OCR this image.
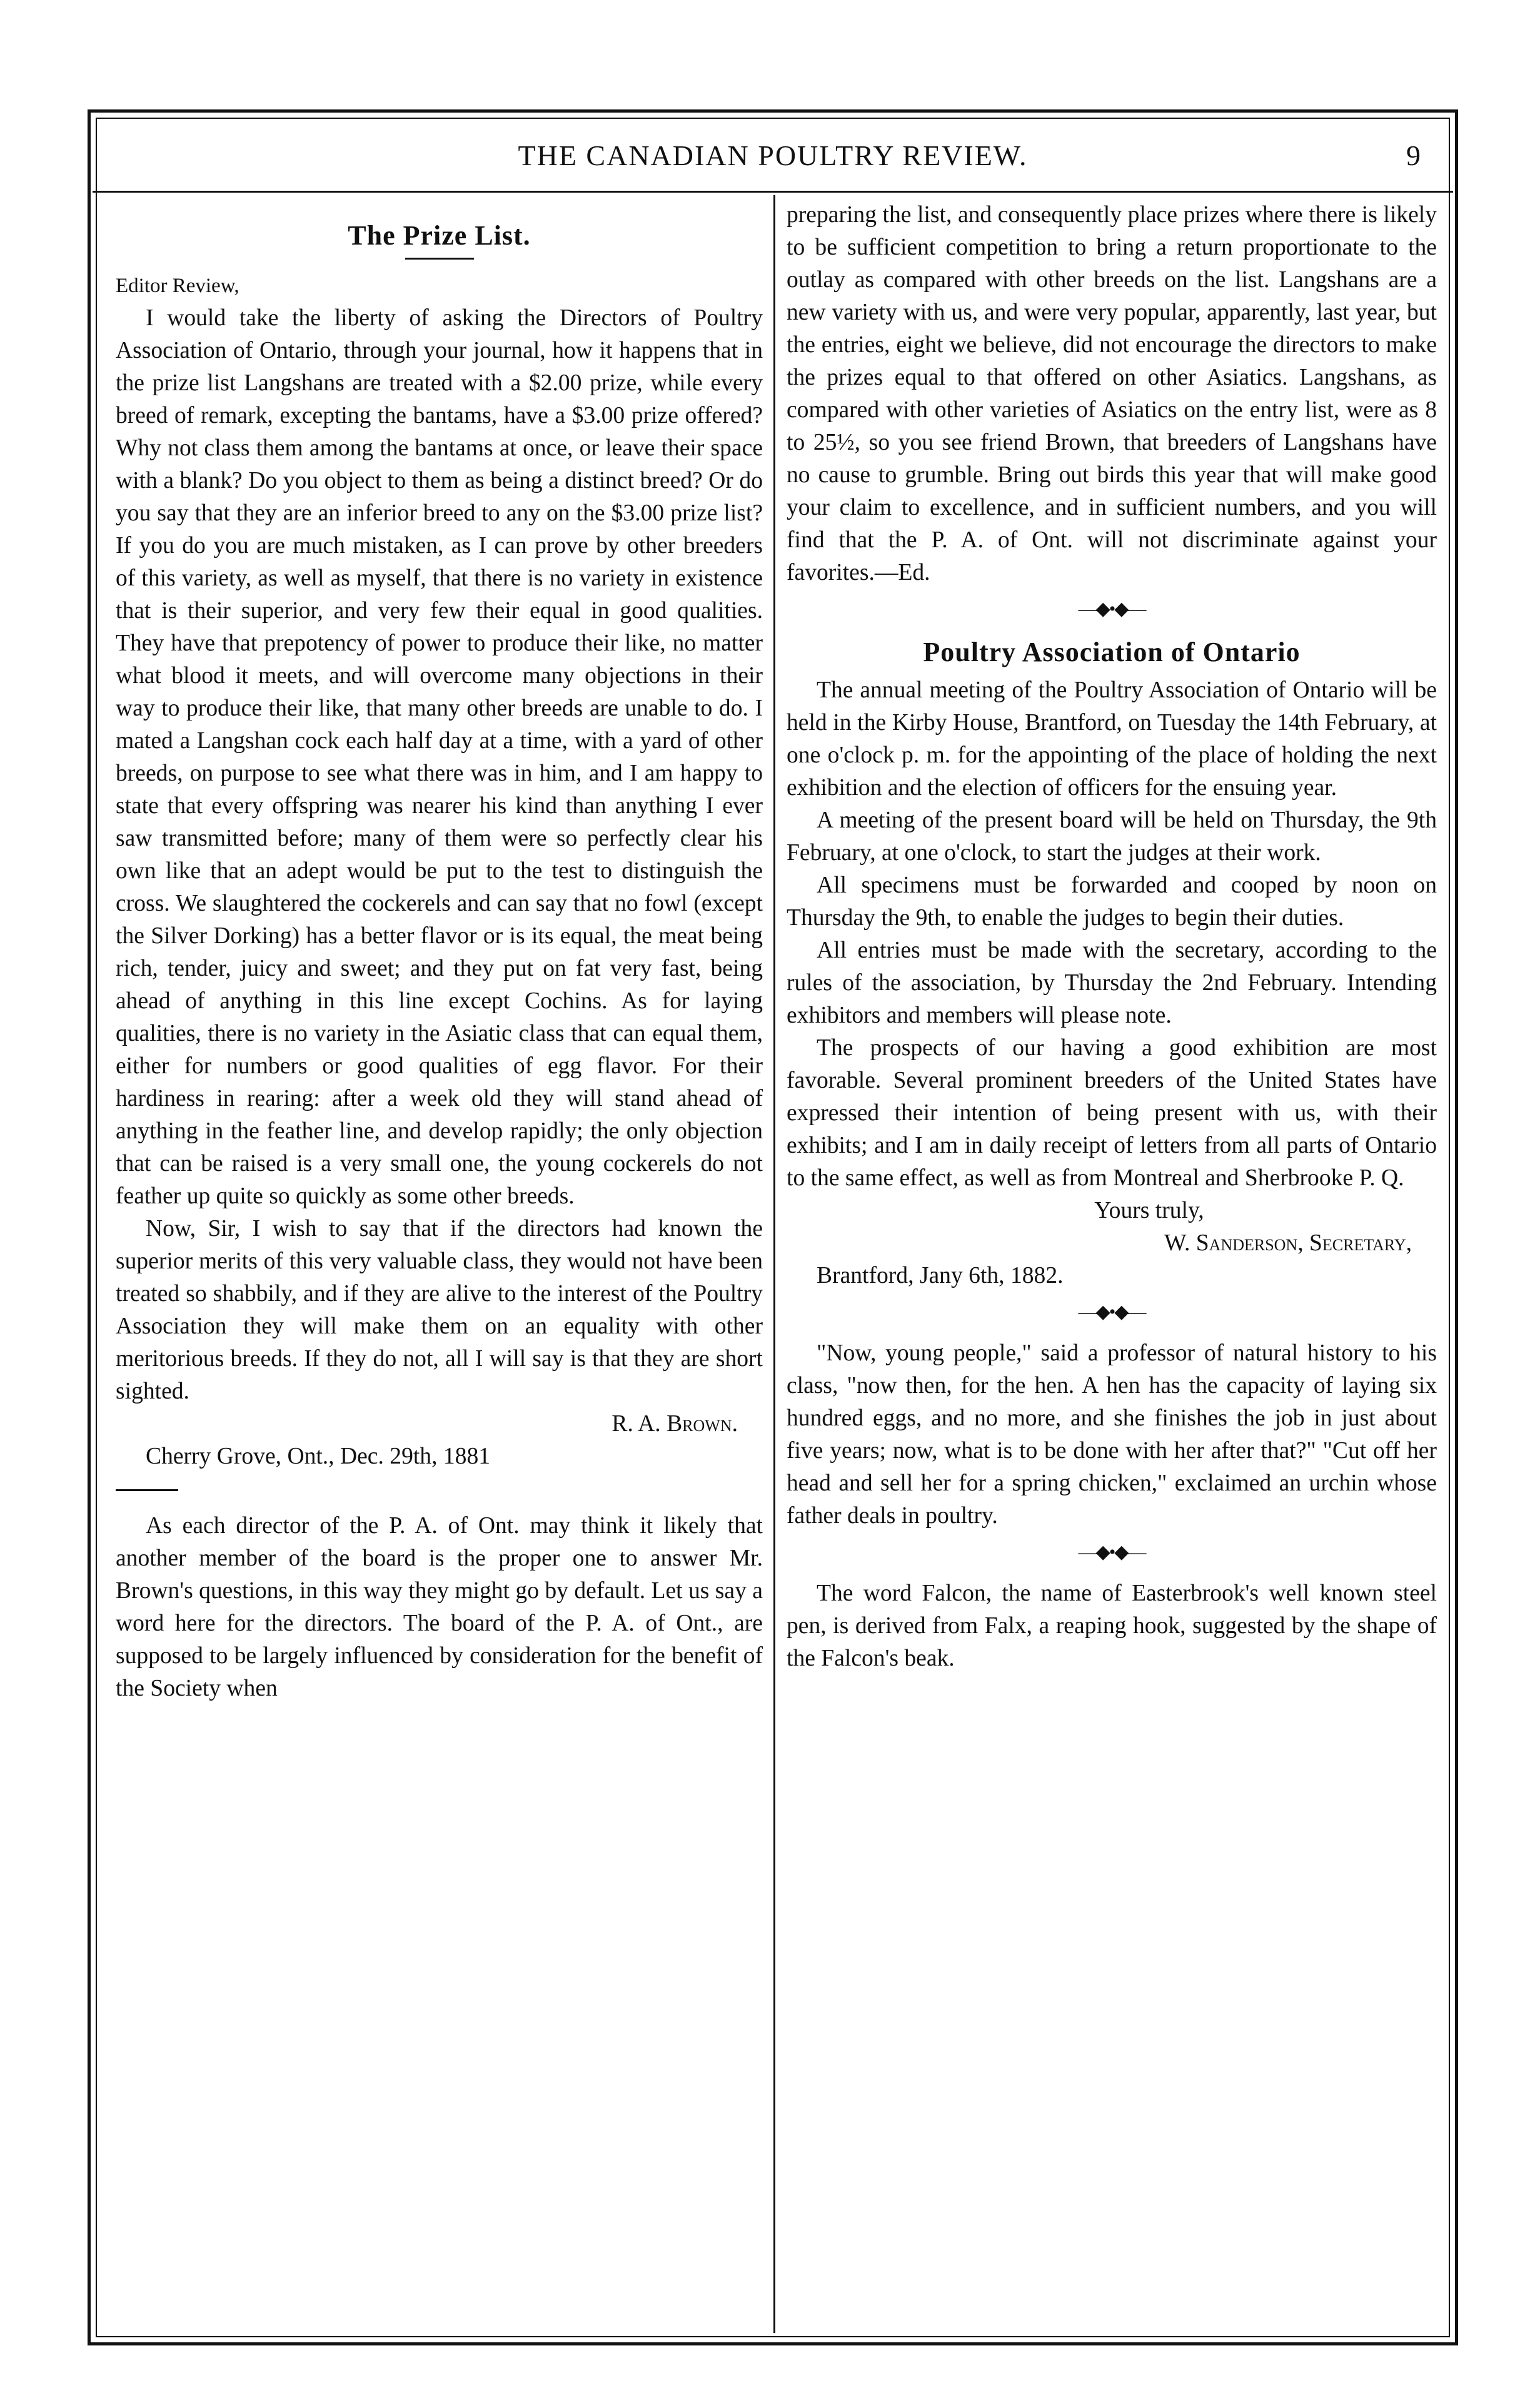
THE CANADIAN POULTRY REVIEW.	9
The Prize List.

Editor Review,

I would take the liberty of asking the Directors of Poultry Association of Ontario, through your journal, how it happens that in the prize list Langshans are treated with a $2.00 prize, while every breed of remark, excepting the bantams, have a $3.00 prize offered? Why not class them among the bantams at once, or leave their space with a blank? Do you object to them as being a distinct breed? Or do you say that they are an inferior breed to any on the $3.00 prize list? If you do you are much mistaken, as I can prove by other breeders of this variety, as well as myself, that there is no variety in existence that is their superior, and very few their equal in good qualities. They have that prepotency of power to produce their like, no matter what blood it meets, and will overcome many objections in their way to produce their like, that many other breeds are unable to do. I mated a Langshan cock each half day at a time, with a yard of other breeds, on purpose to see what there was in him, and I am happy to state that every offspring was nearer his kind than anything I ever saw transmitted before; many of them were so perfectly clear his own like that an adept would be put to the test to distinguish the cross. We slaughtered the cockerels and can say that no fowl (except the Silver Dorking) has a better flavor or is its equal, the meat being rich, tender, juicy and sweet; and they put on fat very fast, being ahead of anything in this line except Cochins. As for laying qualities, there is no variety in the Asiatic class that can equal them, either for numbers or good qualities of egg flavor. For their hardiness in rearing: after a week old they will stand ahead of anything in the feather line, and develop rapidly; the only objection that can be raised is a very small one, the young cockerels do not feather up quite so quickly as some other breeds.

Now, Sir, I wish to say that if the directors had known the superior merits of this very valuable class, they would not have been treated so shabbily, and if they are alive to the interest of the Poultry Association they will make them on an equality with other meritorious breeds. If they do not, all I will say is that they are short sighted.

R. A. Brown.

Cherry Grove, Ont., Dec. 29th, 1881

As each director of the P. A. of Ont. may think it likely that another member of the board is the proper one to answer Mr. Brown's questions, in this way they might go by default. Let us say a word here for the directors. The board of the P. A. of Ont., are supposed to be largely influenced by consideration for the benefit of the Society when

preparing the list, and consequently place prizes where there is likely to be sufficient competition to bring a return proportionate to the outlay as compared with other breeds on the list. Langshans are a new variety with us, and were very popular, apparently, last year, but the entries, eight we believe, did not encourage the directors to make the prizes equal to that offered on other Asiatics. Langshans, as compared with other varieties of Asiatics on the entry list, were as 8 to 25½, so you see friend Brown, that breeders of Langshans have no cause to grumble. Bring out birds this year that will make good your claim to excellence, and in sufficient numbers, and you will find that the P. A. of Ont. will not discriminate against your favorites.—Ed.

—◆•◆—
Poultry Association of Ontario

The annual meeting of the Poultry Association of Ontario will be held in the Kirby House, Brantford, on Tuesday the 14th February, at one o'clock p. m. for the appointing of the place of holding the next exhibition and the election of officers for the ensuing year.

A meeting of the present board will be held on Thursday, the 9th February, at one o'clock, to start the judges at their work.

All specimens must be forwarded and cooped by noon on Thursday the 9th, to enable the judges to begin their duties.

All entries must be made with the secretary, according to the rules of the association, by Thursday the 2nd February. Intending exhibitors and members will please note.

The prospects of our having a good exhibition are most favorable. Several prominent breeders of the United States have expressed their intention of being present with us, with their exhibits; and I am in daily receipt of letters from all parts of Ontario to the same effect, as well as from Montreal and Sherbrooke P. Q.

Yours truly,

W. Sanderson, Secretary,

Brantford, Jany 6th, 1882.

—◆•◆—

"Now, young people," said a professor of natural history to his class, "now then, for the hen. A hen has the capacity of laying six hundred eggs, and no more, and she finishes the job in just about five years; now, what is to be done with her after that?" "Cut off her head and sell her for a spring chicken," exclaimed an urchin whose father deals in poultry.

—◆•◆—

The word Falcon, the name of Easterbrook's well known steel pen, is derived from Falx, a reaping hook, suggested by the shape of the Falcon's beak.
